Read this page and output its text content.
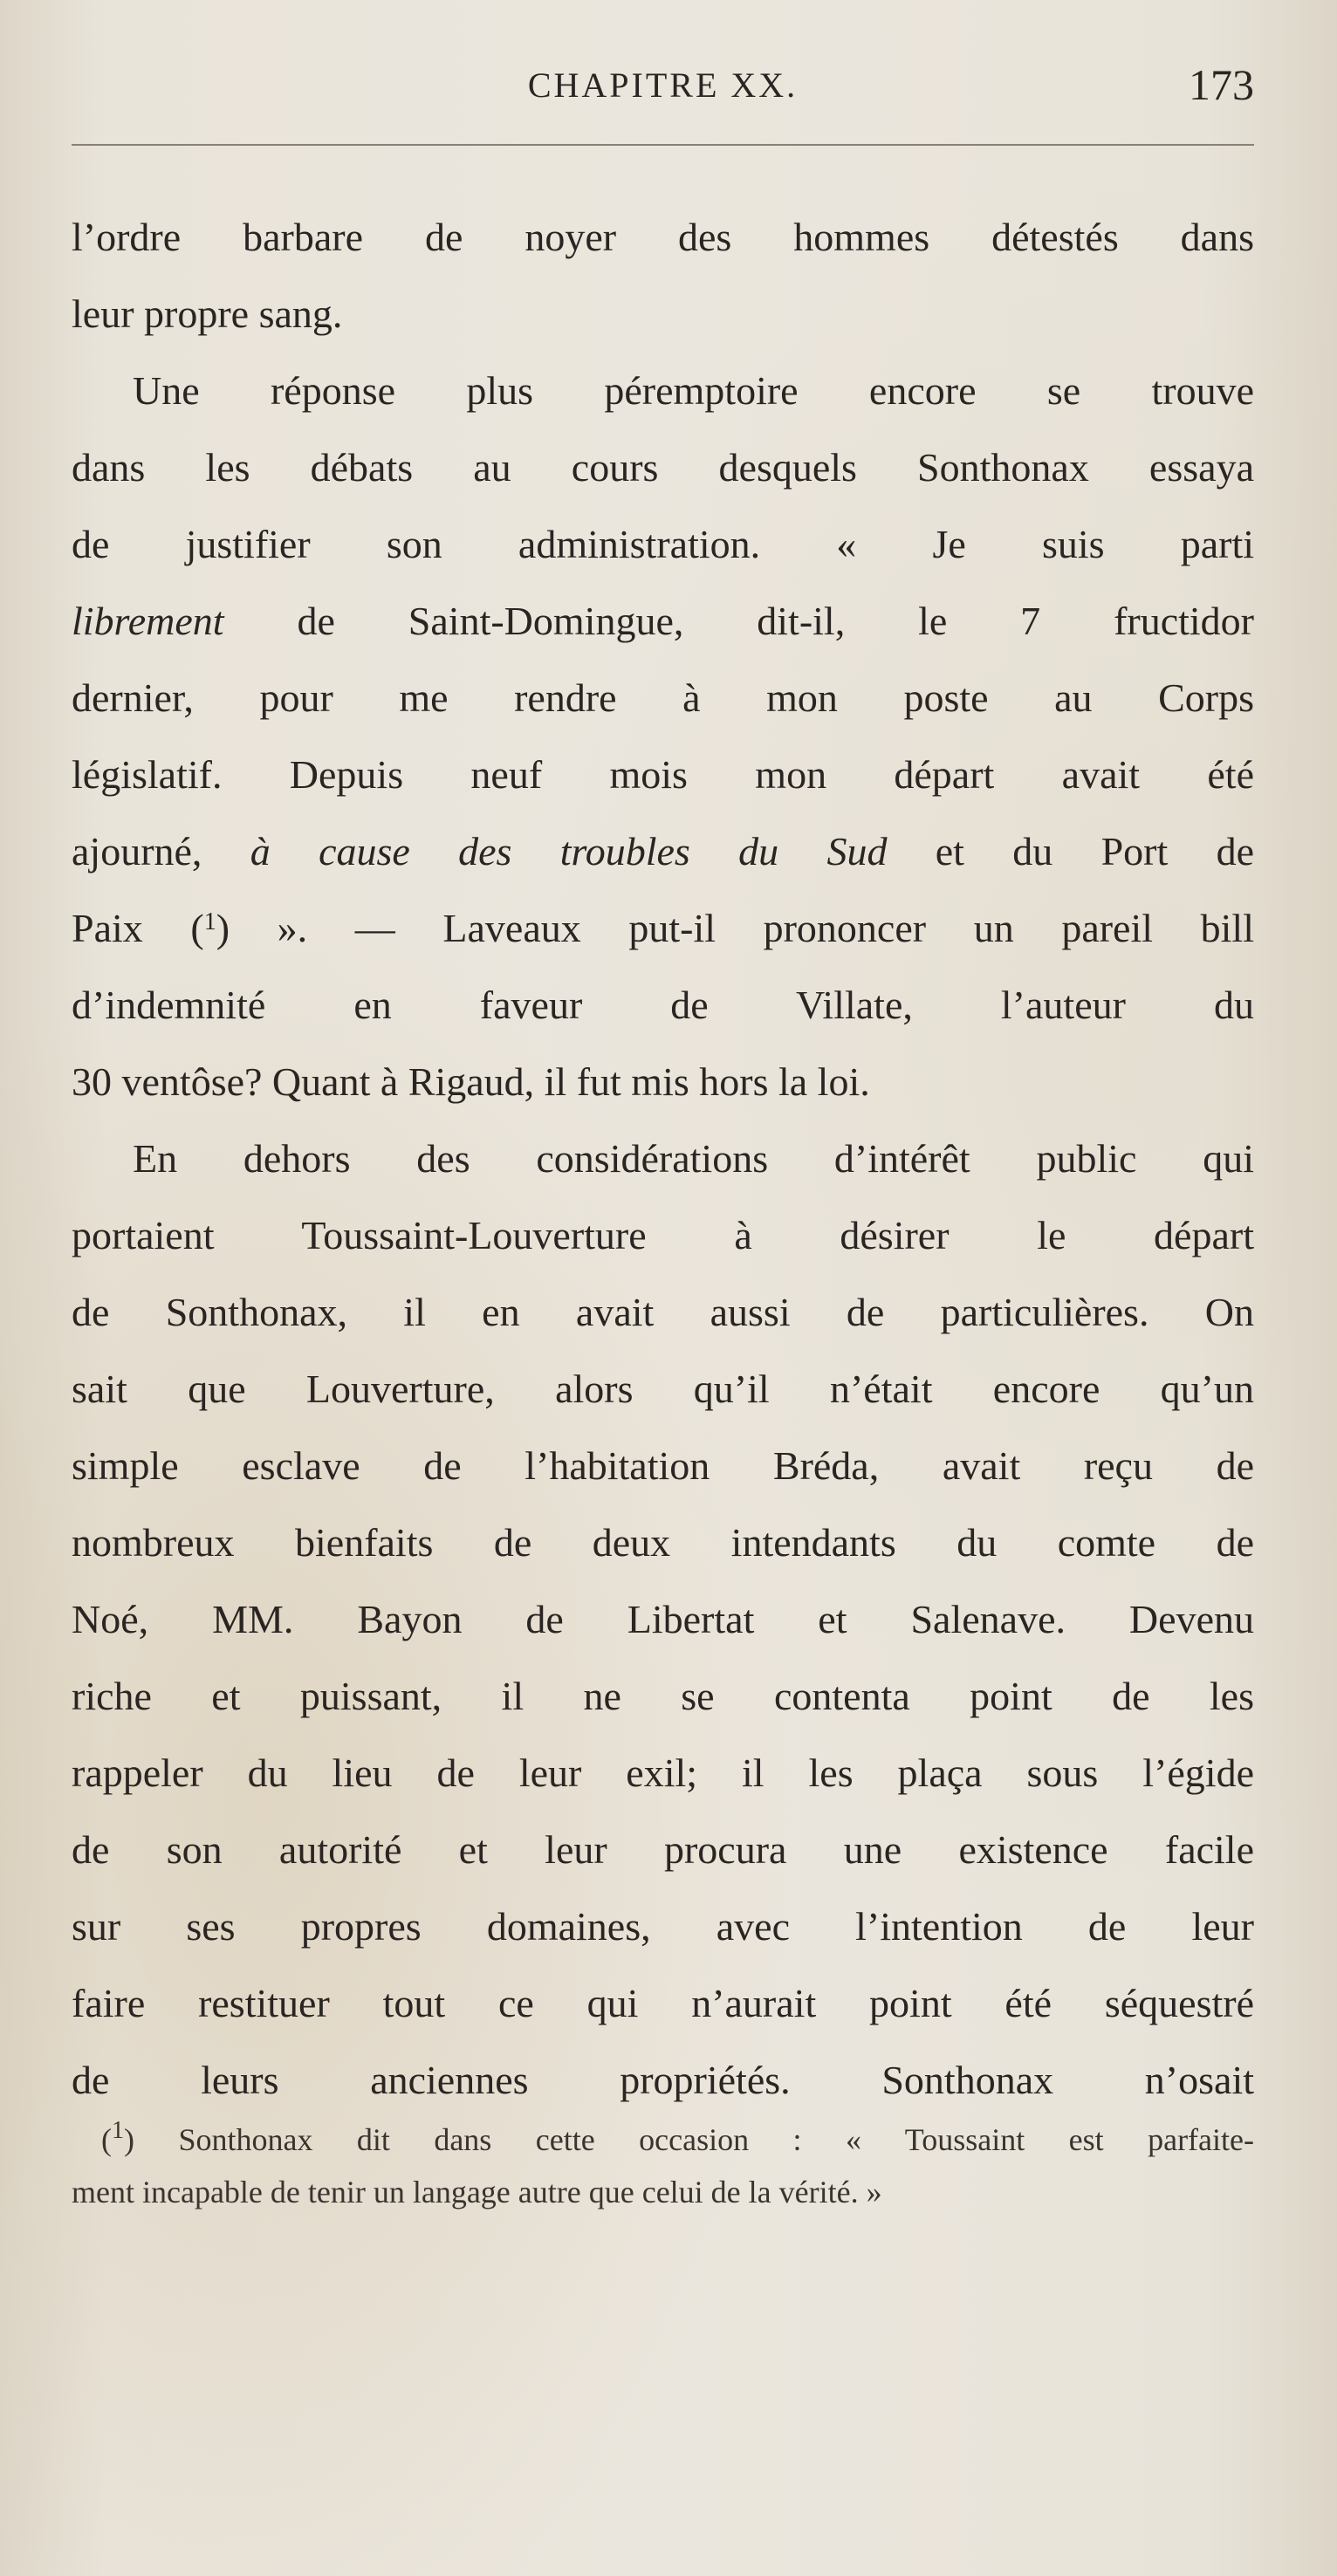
CHAPITRE XX.	173
l’ordre barbare de noyer des hommes détestés dans
leur propre sang.
Une réponse plus péremptoire encore se trouve
dans les débats au cours desquels Sonthonax essaya
de justifier son administration. « Je suis parti
librement de Saint-Domingue, dit-il, le 7 fructidor
dernier, pour me rendre à mon poste au Corps
législatif. Depuis neuf mois mon départ avait été
ajourné, à cause des troubles du Sud et du Port de
Paix ($^1$) ». — Laveaux put-il prononcer un pareil bill
d’indemnité en faveur de Villate, l’auteur du
30 ventôse? Quant à Rigaud, il fut mis hors la loi.
En dehors des considérations d’intérêt public qui
portaient Toussaint-Louverture à désirer le départ
de Sonthonax, il en avait aussi de particulières. On
sait que Louverture, alors qu’il n’était encore qu’un
simple esclave de l’habitation Bréda, avait reçu de
nombreux bienfaits de deux intendants du comte de
Noé, MM. Bayon de Libertat et Salenave. Devenu
riche et puissant, il ne se contenta point de les
rappeler du lieu de leur exil; il les plaça sous l’égide
de son autorité et leur procura une existence facile
sur ses propres domaines, avec l’intention de leur
faire restituer tout ce qui n’aurait point été séquestré
de leurs anciennes propriétés. Sonthonax n’osait
($^1$) Sonthonax dit dans cette occasion : « Toussaint est parfaite-
ment incapable de tenir un langage autre que celui de la vérité. »
